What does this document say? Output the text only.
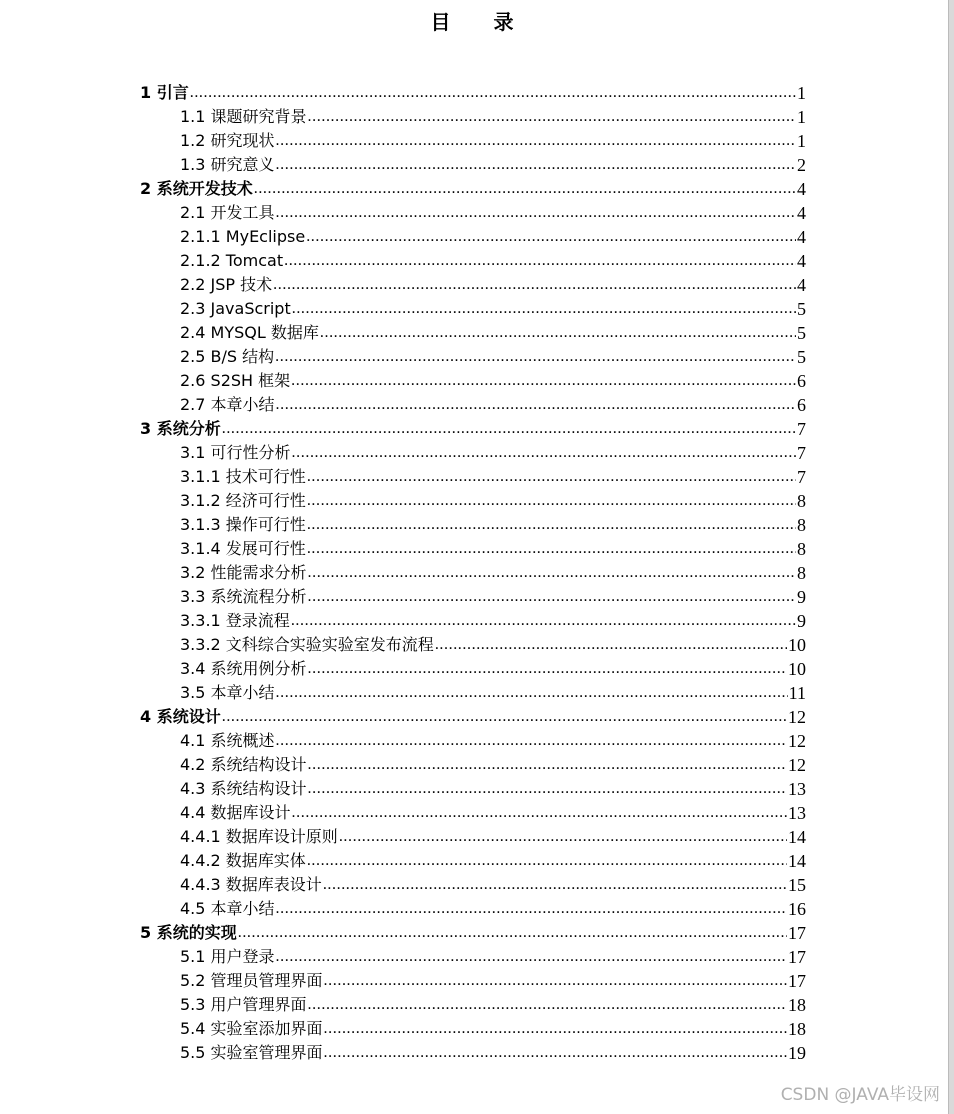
目 录
1 引言 .....	1
1.1 课题研究背景 .....	1
1.2 研究现状 .....	1
1.3 研究意义 .....	2
2 系统开发技术 .....	4
2.1 开发工具 .....	4
2.1.1 MyEclipse .....	4
2.1.2 Tomcat .....	4
2.2 JSP 技术 .....	4
2.3 JavaScript .....	5
2.4 MYSQL 数据库 .....	5
2.5 B/S 结构 .....	5
2.6 S2SH 框架 .....	6
2.7 本章小结 .....	6
3 系统分析 .....	7
3.1 可行性分析 .....	7
3.1.1 技术可行性 .....	7
3.1.2 经济可行性 .....	8
3.1.3 操作可行性 .....	8
3.1.4 发展可行性 .....	8
3.2 性能需求分析 .....	8
3.3 系统流程分析 .....	9
3.3.1 登录流程 .....	9
3.3.2 文科综合实验实验室发布流程 .....	10
3.4 系统用例分析 .....	10
3.5 本章小结 .....	11
4 系统设计 .....	12
4.1 系统概述 .....	12
4.2 系统结构设计 .....	12
4.3 系统结构设计 .....	13
4.4 数据库设计 .....	13
4.4.1 数据库设计原则 .....	14
4.4.2 数据库实体 .....	14
4.4.3 数据库表设计 .....	15
4.5 本章小结 .....	16
5 系统的实现 .....	17
5.1 用户登录 .....	17
5.2 管理员管理界面 .....	17
5.3 用户管理界面 .....	18
5.4 实验室添加界面 .....	18
5.5 实验室管理界面 .....	19
CSDN @JAVA毕设网
